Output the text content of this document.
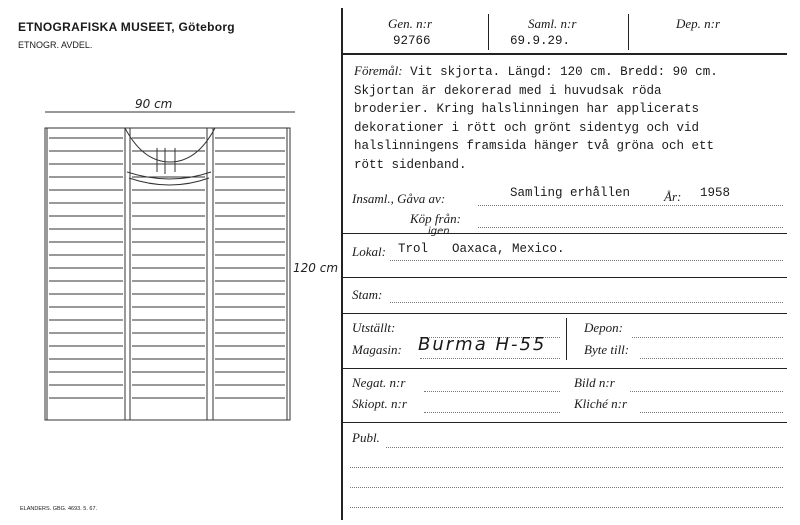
ETNOGRAFISKA MUSEET, Göteborg
ETNOGR. AVDEL.
90 cm
120 cm
Gen. n:r
92766
Saml. n:r
69.9.29.
Dep. n:r
Föremål: Vit skjorta. Längd: 120 cm. Bredd: 90 cm.
Skjortan är dekorerad med i huvudsak röda
broderier. Kring halslinningen har applicerats
dekorationer i rött och grönt sidentyg och vid
halslinningens framsida hänger två gröna och ett
rött sidenband.
Insaml., Gåva av:	Samling erhållen	År: 1958
Köp från:
Lokal: Trol
igen
Oaxaca, Mexico.
Stam:
Utställt:
Magasin: Burma H-55
Depon:
Byte till:
Negat. n:r
Skiopt. n:r
Bild n:r
Kliché n:r
Publ.
ELANDERS. GBG. 4693. 5. 67.
